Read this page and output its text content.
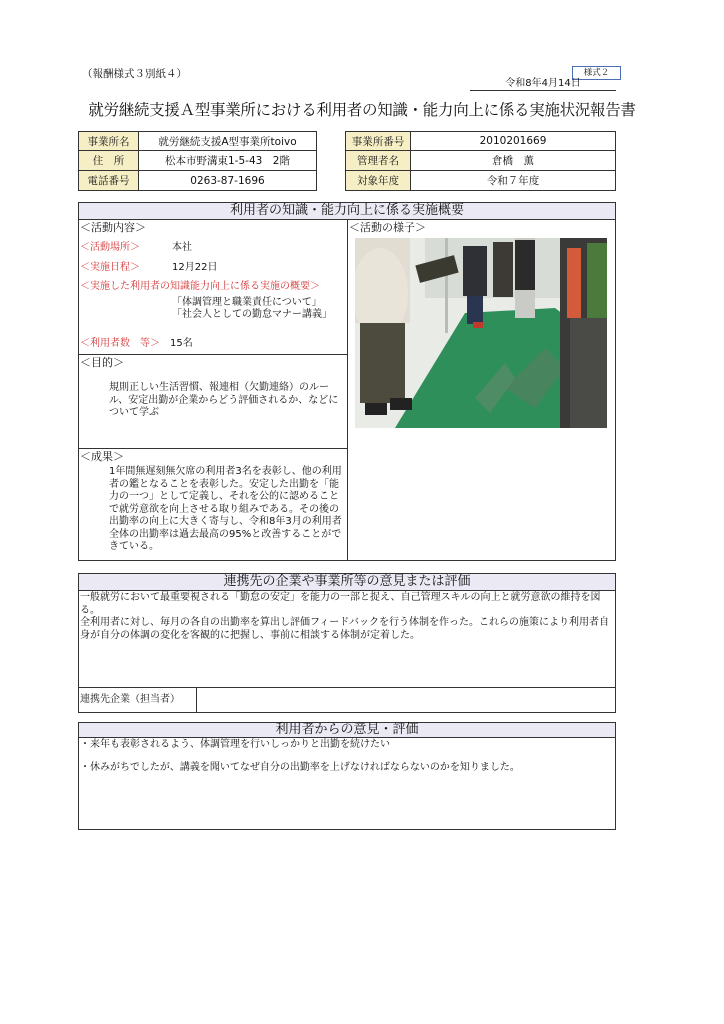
（報酬様式３別紙４）	様式２
令和8年4月14日
就労継続支援Ａ型事業所における利用者の知識・能力向上に係る実施状況報告書
事業所名	就労継続支援A型事業所toivo
住　所	松本市野溝東1-5-43　2階
電話番号	0263-87-1696
事業所番号	2010201669
管理者名	倉橋　薫
対象年度	令和７年度
利用者の知識・能力向上に係る実施概要
＜活動内容＞
＜活動場所＞	本社
＜実施日程＞	12月22日
＜実施した利用者の知識能力向上に係る実施の概要＞
「体調管理と職業責任について」
「社会人としての勤怠マナー講義」
＜利用者数　等＞ 15名
＜目的＞
規則正しい生活習慣、報連相（欠勤連絡）のルール、安定出勤が企業からどう評価されるか、などについて学ぶ
＜成果＞
1年間無遅刻無欠席の利用者3名を表彰し、他の利用者の鑑となることを表彰した。安定した出勤を「能力の一つ」として定義し、それを公的に認めることで就労意欲を向上させる取り組みである。その後の出勤率の向上に大きく寄与し、令和8年3月の利用者全体の出勤率は過去最高の95%と改善することができている。
＜活動の様子＞
連携先の企業や事業所等の意見または評価
一般就労において最重要視される「勤怠の安定」を能力の一部と捉え、自己管理スキルの向上と就労意欲の維持を図る。
全利用者に対し、毎月の各自の出勤率を算出し評価フィードバックを行う体制を作った。これらの施策により利用者自身が自分の体調の変化を客観的に把握し、事前に相談する体制が定着した。
連携先企業（担当者）
利用者からの意見・評価
・来年も表彰されるよう、体調管理を行いしっかりと出勤を続けたい
・休みがちでしたが、講義を聞いてなぜ自分の出勤率を上げなければならないのかを知りました。
